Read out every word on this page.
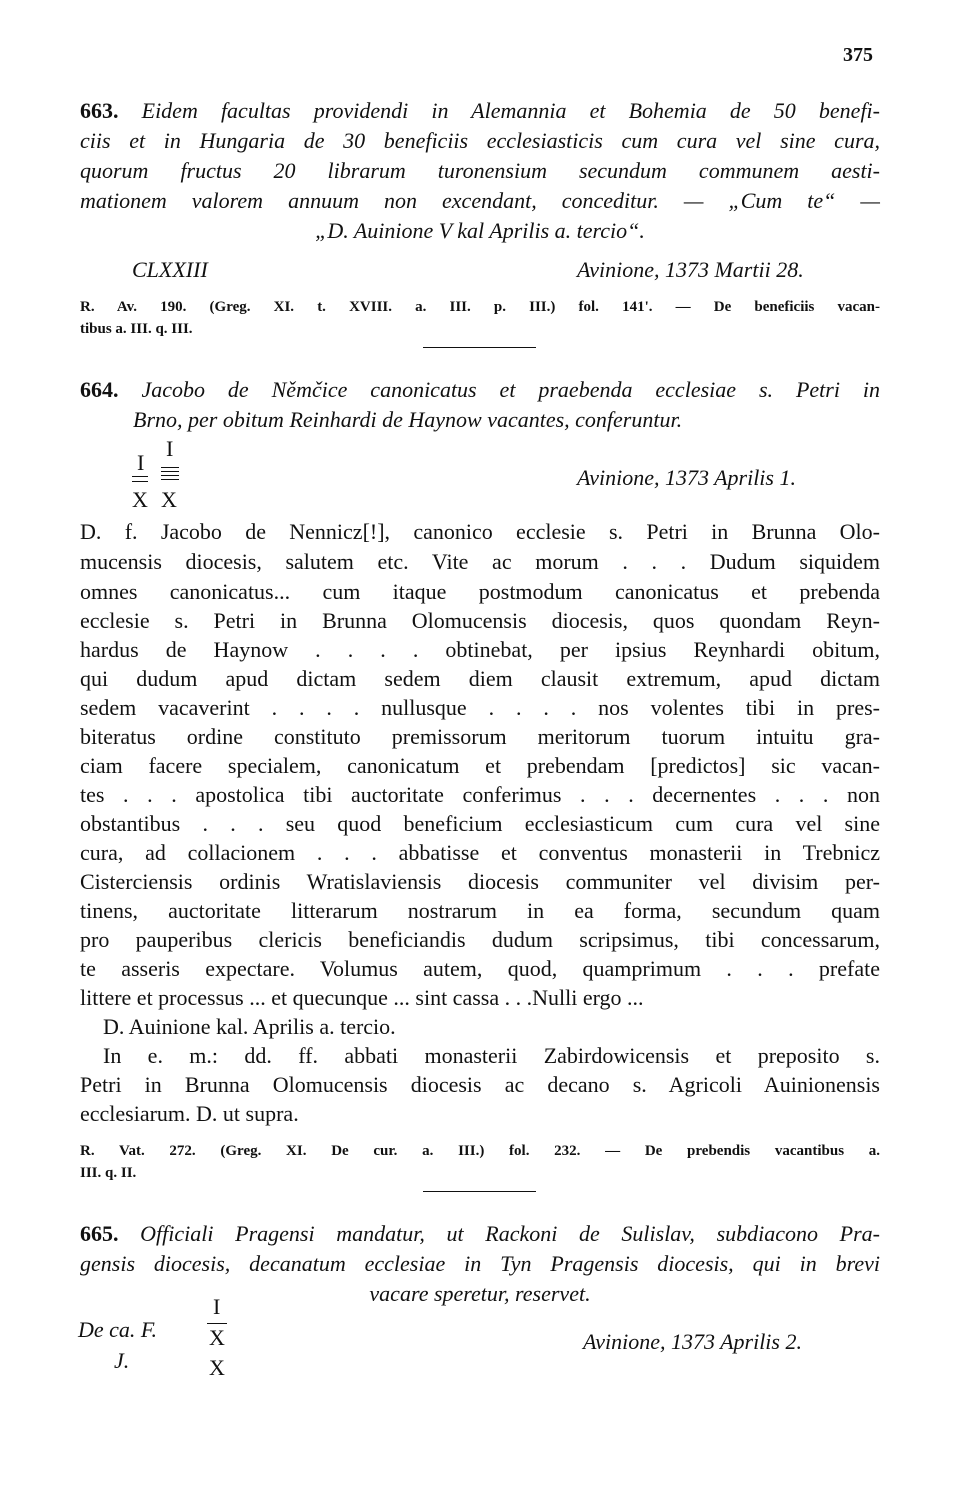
375
663. Eidem facultas providendi in Alemannia et Bohemia de 50 benefi-
ciis et in Hungaria de 30 beneficiis ecclesiasticis cum cura vel sine cura,
quorum fructus 20 librarum turonensium secundum communem aesti-
mationem valorem annuum non excendant, conceditur. — „Cum te“ —
„D. Auinione V kal Aprilis a. tercio“.
CLXXIII	Avinione, 1373 Martii 28.
R. Av. 190. (Greg. XI. t. XVIII. a. III. p. III.) fol. 141'. — De beneficiis vacan-
tibus a. III. q. III.
664. Jacobo de Němčice canonicatus et praebenda ecclesiae s. Petri in
Brno, per obitum Reinhardi de Haynow vacantes, conferuntur.
I
I
X X
Avinione, 1373 Aprilis 1.
D. f. Jacobo de Nennicz[!], canonico ecclesie s. Petri in Brunna Olo-
mucensis diocesis, salutem etc. Vite ac morum . . . Dudum siquidem
omnes canonicatus... cum itaque postmodum canonicatus et prebenda
ecclesie s. Petri in Brunna Olomucensis diocesis, quos quondam Reyn-
hardus de Haynow . . . . obtinebat, per ipsius Reynhardi obitum,
qui dudum apud dictam sedem diem clausit extremum, apud dictam
sedem vacaverint . . . . nullusque . . . . nos volentes tibi in pres-
biteratus ordine constituto premissorum meritorum tuorum intuitu gra-
ciam facere specialem, canonicatum et prebendam [predictos] sic vacan-
tes . . . apostolica tibi auctoritate conferimus . . . decernentes . . . non
obstantibus . . . seu quod beneficium ecclesiasticum cum cura vel sine
cura, ad collacionem . . . abbatisse et conventus monasterii in Trebnicz
Cisterciensis ordinis Wratislaviensis diocesis communiter vel divisim per-
tinens, auctoritate litterarum nostrarum in ea forma, secundum quam
pro pauperibus clericis beneficiandis dudum scripsimus, tibi concessarum,
te asseris expectare. Volumus autem, quod, quamprimum . . . prefate
littere et processus ... et quecunque ... sint cassa . . .Nulli ergo ...
D. Auinione kal. Aprilis a. tercio.
In e. m.: dd. ff. abbati monasterii Zabirdowicensis et preposito s.
Petri in Brunna Olomucensis diocesis ac decano s. Agricoli Auinionensis
ecclesiarum. D. ut supra.
R. Vat. 272. (Greg. XI. De cur. a. III.) fol. 232. — De prebendis vacantibus a.
III. q. II.
665. Officiali Pragensi mandatur, ut Rackoni de Sulislav, subdiacono Pra-
gensis diocesis, decanatum ecclesiae in Tyn Pragensis diocesis, qui in brevi
vacare speretur, reservet.
De ca. F.
J.
I
X
X
Avinione, 1373 Aprilis 2.
